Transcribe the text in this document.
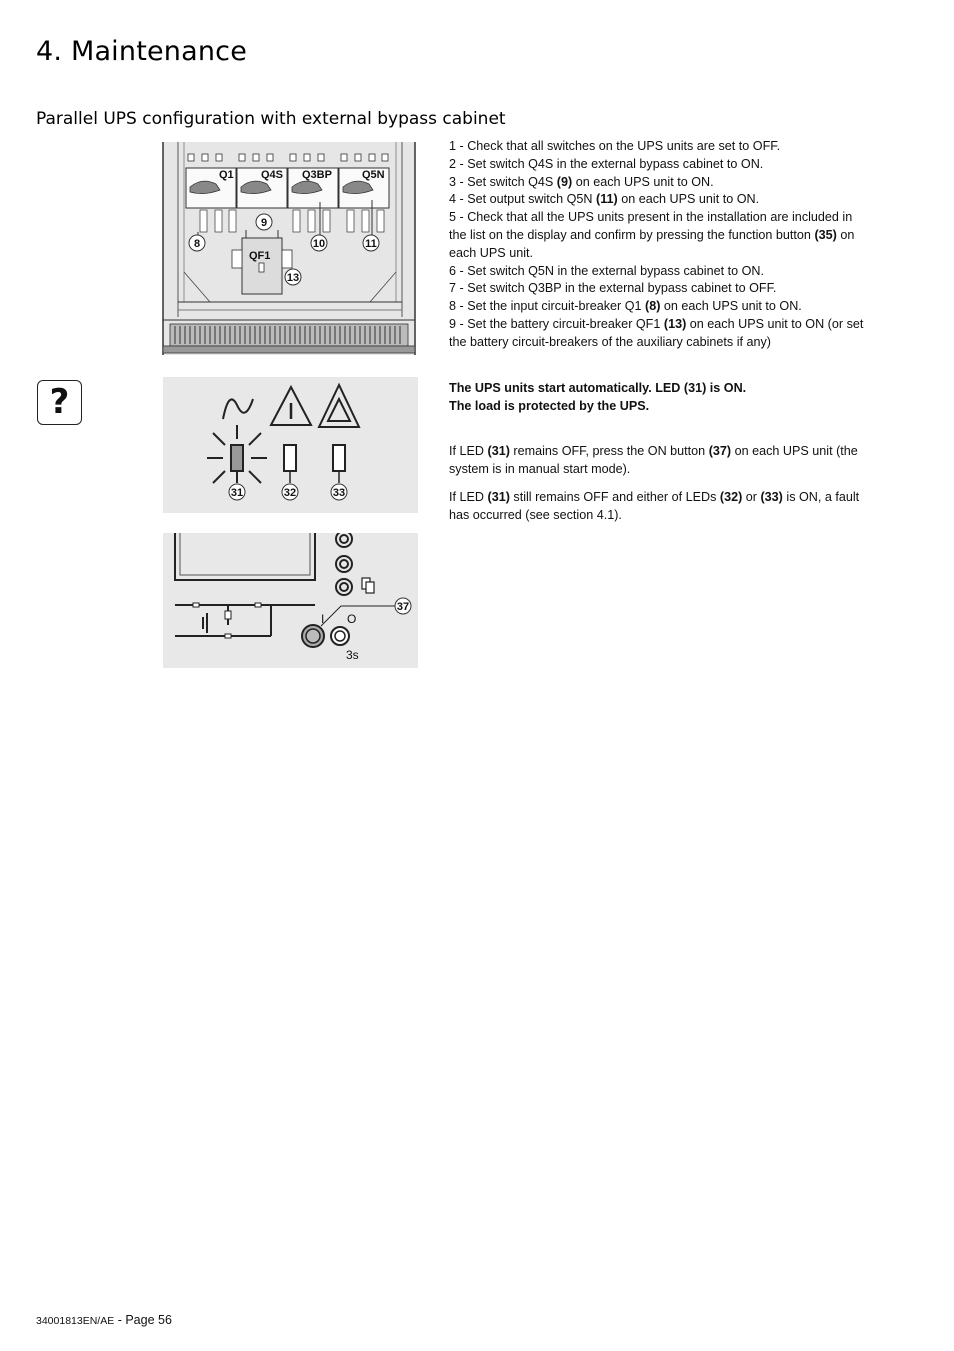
4. Maintenance
Parallel UPS configuration with external bypass cabinet
Q1 Q4S Q3BP	Q5N
QF1
8
9
10	11
13
1 - Check that all switches on the UPS units are set to OFF.
2 - Set switch Q4S in the external bypass cabinet to ON.
3 - Set switch Q4S (9) on each UPS unit to ON.
4 - Set output switch Q5N (11) on each UPS unit to ON.
5 - Check that all the UPS units present in the installation are included in the list on the display and confirm by pressing the function button (35) on each UPS unit.
6 - Set switch Q5N in the external bypass cabinet to ON.
7 - Set switch Q3BP in the external bypass cabinet to OFF.
8 - Set the input circuit-breaker Q1 (8) on each UPS unit to ON.
9 - Set the battery circuit-breaker QF1 (13) on each UPS unit to ON (or set the battery circuit-breakers of the auxiliary cabinets if any)
?
31	32	33
I O
3s
37
The UPS units start automatically. LED (31) is ON.
The load is protected by the UPS.
If LED (31) remains OFF, press the ON button (37) on each UPS unit (the system is in manual start mode).
If LED (31) still remains OFF and either of LEDs (32) or (33) is ON, a fault has occurred (see section 4.1).
34001813EN/AE - Page 56
